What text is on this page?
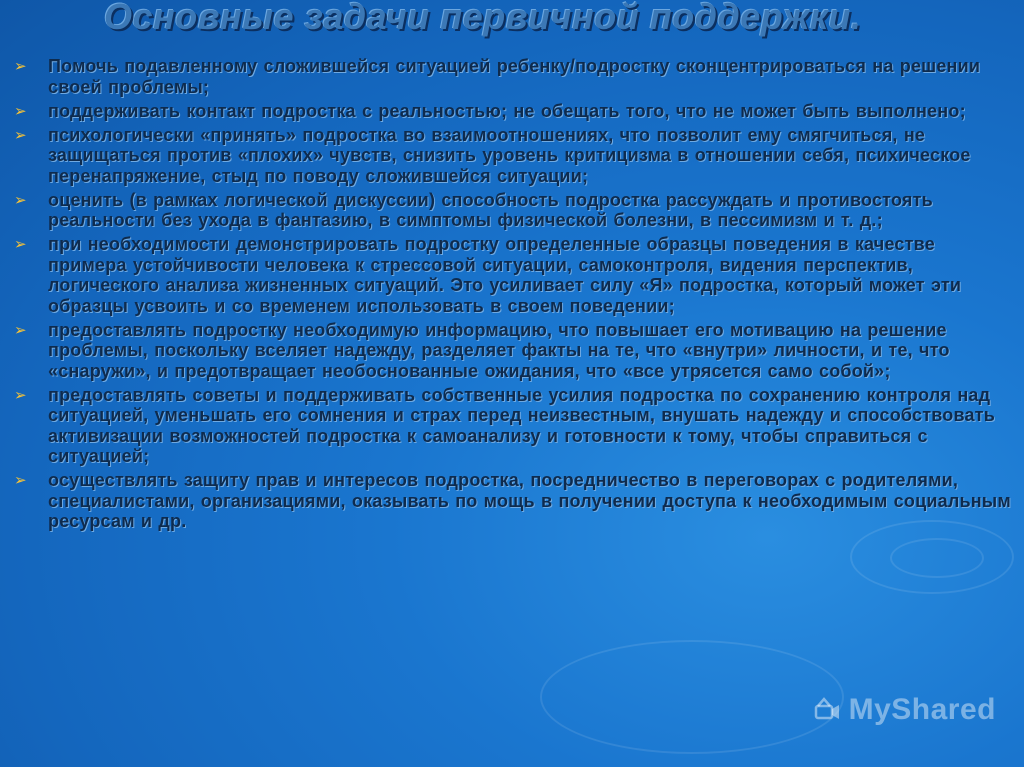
Основные задачи первичной поддержки.
➢ Помочь подавленному сложившейся ситуацией ребенку/подростку сконцентрироваться на решении своей проблемы;
➢ поддерживать контакт подростка с реальностью; не обещать того, что не может быть выполнено;
➢ психологически «принять» подростка во взаимоотношениях, что позволит ему смягчиться, не защищаться против «плохих» чувств, снизить уровень критицизма в отношении себя, психическое перенапряжение, стыд по поводу сложившейся ситуации;
➢ оценить (в рамках логической дискуссии) способность подростка рассуждать и противостоять реальности без ухода в фантазию, в симптомы физической болезни, в пессимизм и т. д.;
➢ при необходимости демонстрировать подростку определенные образцы поведения в качестве примера устойчивости человека к стрессовой ситуации, самоконтроля, видения перспектив, логического анализа жизненных ситуаций. Это усиливает силу «Я» подростка, который может эти образцы усвоить и со временем использовать в своем поведении;
➢ предоставлять подростку необходимую информацию, что повышает его мотивацию на решение проблемы, поскольку вселяет надежду, разделяет факты на те, что «внутри» личности, и те, что «снаружи», и предотвращает необоснованные ожидания, что «все утрясется само собой»;
➢ предоставлять советы и поддерживать собственные усилия подростка по сохранению контроля над ситуацией, уменьшать его сомнения и страх перед неизвестным, внушать надежду и способствовать активизации возможностей подростка к самоанализу и готовности к тому, чтобы справиться с ситуацией;
➢ осуществлять защиту прав и интересов подростка, посредничество в переговорах с родителями, специалистами, организациями, оказывать по мощь в получении доступа к необходимым социальным ресурсам и др.
MyShared
